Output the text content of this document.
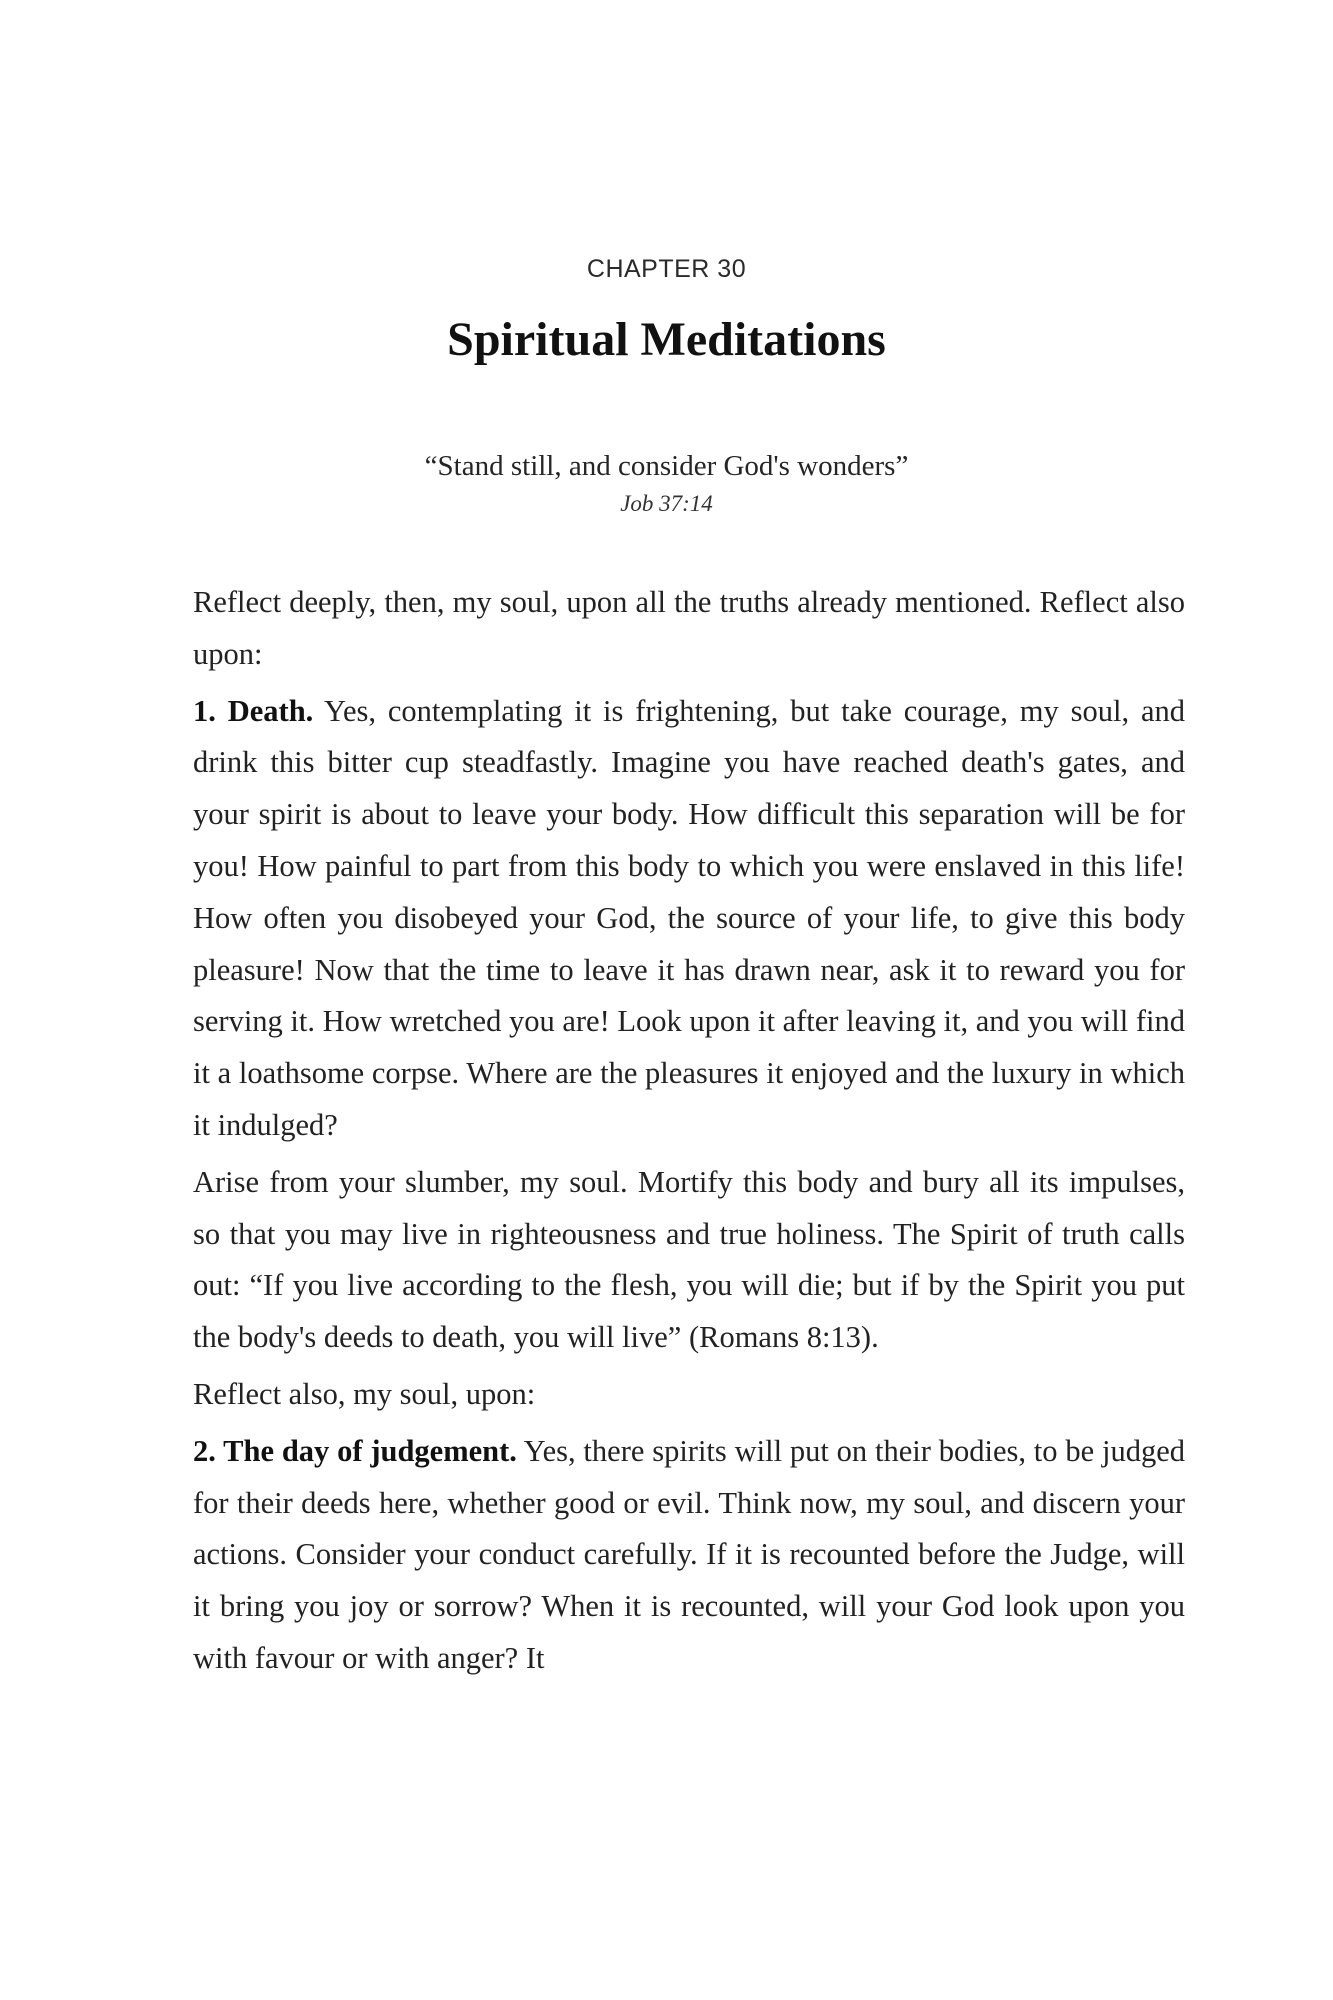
CHAPTER 30
Spiritual Meditations
“Stand still, and consider God's wonders”
Job 37:14

Reflect deeply, then, my soul, upon all the truths already mentioned. Reflect also upon:

1. Death. Yes, contemplating it is frightening, but take courage, my soul, and drink this bitter cup steadfastly. Imagine you have reached death's gates, and your spirit is about to leave your body. How difficult this separation will be for you! How painful to part from this body to which you were enslaved in this life! How often you disobeyed your God, the source of your life, to give this body pleasure! Now that the time to leave it has drawn near, ask it to reward you for serving it. How wretched you are! Look upon it after leaving it, and you will find it a loathsome corpse. Where are the pleasures it enjoyed and the luxury in which it indulged?

Arise from your slumber, my soul. Mortify this body and bury all its impulses, so that you may live in righteousness and true holiness. The Spirit of truth calls out: “If you live according to the flesh, you will die; but if by the Spirit you put the body's deeds to death, you will live” (Romans 8:13).

Reflect also, my soul, upon:

2. The day of judgement. Yes, there spirits will put on their bodies, to be judged for their deeds here, whether good or evil. Think now, my soul, and discern your actions. Consider your conduct carefully. If it is recounted before the Judge, will it bring you joy or sorrow? When it is recounted, will your God look upon you with favour or with anger? It
